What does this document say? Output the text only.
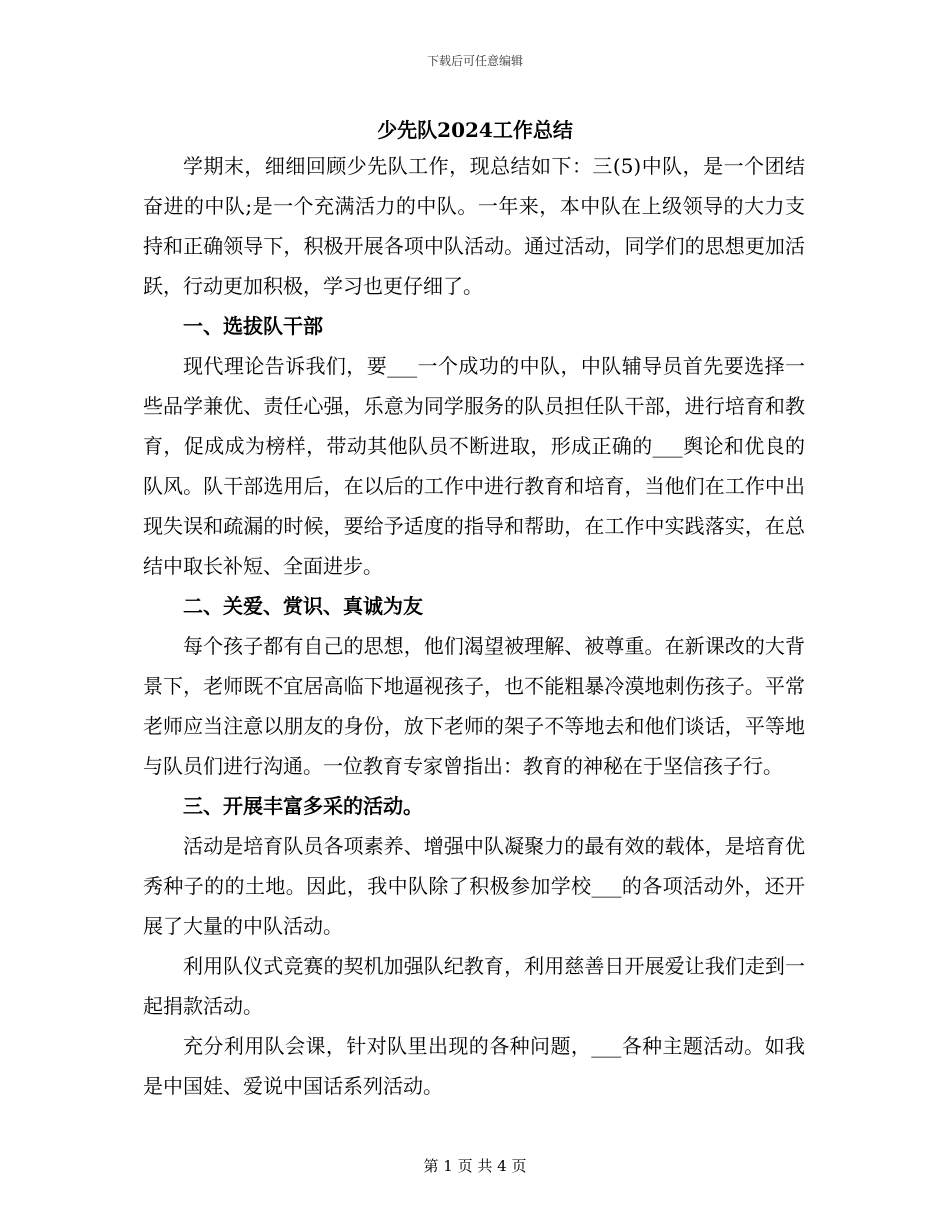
下载后可任意编辑
少先队2024工作总结

学期末，细细回顾少先队工作，现总结如下：三(5)中队，是一个团结奋进的中队;是一个充满活力的中队。一年来，本中队在上级领导的大力支持和正确领导下，积极开展各项中队活动。通过活动，同学们的思想更加活跃，行动更加积极，学习也更仔细了。

一、选拔队干部

现代理论告诉我们，要___一个成功的中队，中队辅导员首先要选择一些品学兼优、责任心强，乐意为同学服务的队员担任队干部，进行培育和教育，促成成为榜样，带动其他队员不断进取，形成正确的___舆论和优良的队风。队干部选用后，在以后的工作中进行教育和培育，当他们在工作中出现失误和疏漏的时候，要给予适度的指导和帮助，在工作中实践落实，在总结中取长补短、全面进步。

二、关爱、赏识、真诚为友

每个孩子都有自己的思想，他们渴望被理解、被尊重。在新课改的大背景下，老师既不宜居高临下地逼视孩子，也不能粗暴冷漠地刺伤孩子。平常老师应当注意以朋友的身份，放下老师的架子不等地去和他们谈话，平等地与队员们进行沟通。一位教育专家曾指出：教育的神秘在于坚信孩子行。

三、开展丰富多采的活动。

活动是培育队员各项素养、增强中队凝聚力的最有效的载体，是培育优秀种子的的土地。因此，我中队除了积极参加学校___的各项活动外，还开展了大量的中队活动。

利用队仪式竞赛的契机加强队纪教育，利用慈善日开展爱让我们走到一起捐款活动。

充分利用队会课，针对队里出现的各种问题，___各种主题活动。如我是中国娃、爱说中国话系列活动。

第 1 页 共 4 页
